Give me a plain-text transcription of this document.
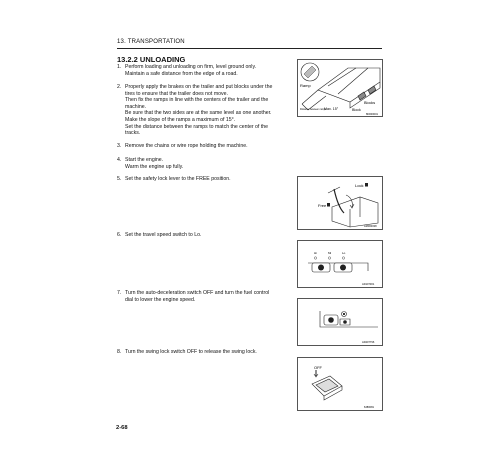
13. TRANSPORTATION
13.2.2 UNLOADING
1. Perform loading and unloading on firm, level ground only.
Maintain a safe distance from the edge of a road.
2. Properly apply the brakes on the trailer and put blocks under the
tires to ensure that the trailer does not move.
Then fix the ramps in line with the centers of the trailer and the
machine.
Be sure that the two sides are at the same level as one another.
Make the slope of the ramps a maximum of 15°.
Set the distance between the ramps to match the center of the
tracks.
3. Remove the chains or wire rope holding the machine.
4. Start the engine.
Warm the engine up fully.
5. Set the safety lock lever to the FREE position.
6. Set the travel speed switch to Lo.
7. Turn the auto-deceleration switch OFF and turn the fuel control
dial to lower the engine speed.
8. Turn the swing lock switch OFF to release the swing lock.
Ramp
Blocks
Block
Max. 15°
Distance between ramps
8D000001
Lock
Free
AM000038
Hi	Mi	Lo
AD107301
AD207796
OFF
8J80081
2-68
